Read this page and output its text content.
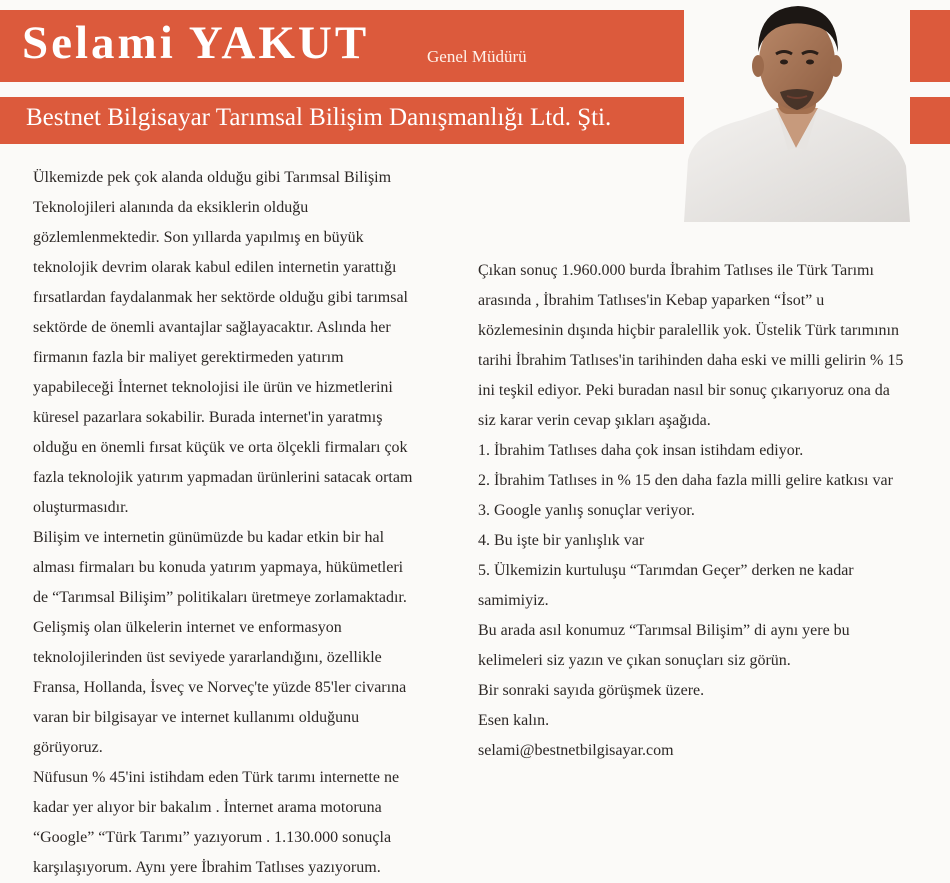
Selami YAKUT	Genel Müdürü
Bestnet Bilgisayar Tarımsal Bilişim Danışmanlığı Ltd. Şti.
Ülkemizde pek çok alanda olduğu gibi Tarımsal Bilişim
Teknolojileri alanında da eksiklerin olduğu
gözlemlenmektedir. Son yıllarda yapılmış en büyük
teknolojik devrim olarak kabul edilen internetin yarattığı
fırsatlardan faydalanmak her sektörde olduğu gibi tarımsal
sektörde de önemli avantajlar sağlayacaktır. Aslında her
firmanın fazla bir maliyet gerektirmeden yatırım
yapabileceği İnternet teknolojisi ile ürün ve hizmetlerini
küresel pazarlara sokabilir. Burada internet'in yaratmış
olduğu en önemli fırsat küçük ve orta ölçekli firmaları çok
fazla teknolojik yatırım yapmadan ürünlerini satacak ortam
oluşturmasıdır.
Bilişim ve internetin günümüzde bu kadar etkin bir hal
alması firmaları bu konuda yatırım yapmaya, hükümetleri
de “Tarımsal Bilişim” politikaları üretmeye zorlamaktadır.
Gelişmiş olan ülkelerin internet ve enformasyon
teknolojilerinden üst seviyede yararlandığını, özellikle
Fransa, Hollanda, İsveç ve Norveç'te yüzde 85'ler civarına
varan bir bilgisayar ve internet kullanımı olduğunu
görüyoruz.
Nüfusun % 45'ini istihdam eden Türk tarımı internette ne
kadar yer alıyor bir bakalım . İnternet arama motoruna
“Google” “Türk Tarımı” yazıyorum . 1.130.000 sonuçla
karşılaşıyorum. Aynı yere İbrahim Tatlıses yazıyorum.
Çıkan sonuç 1.960.000 burda İbrahim Tatlıses ile Türk Tarımı
arasında , İbrahim Tatlıses'in Kebap yaparken “İsot” u
közlemesinin dışında hiçbir paralellik yok. Üstelik Türk tarımının
tarihi İbrahim Tatlıses'in tarihinden daha eski ve milli gelirin % 15
ini teşkil ediyor. Peki buradan nasıl bir sonuç çıkarıyoruz ona da
siz karar verin cevap şıkları aşağıda.
1. İbrahim Tatlıses daha çok insan istihdam ediyor.
2. İbrahim Tatlıses in % 15 den daha fazla milli gelire katkısı var
3. Google yanlış sonuçlar veriyor.
4. Bu işte bir yanlışlık var
5. Ülkemizin kurtuluşu “Tarımdan Geçer” derken ne kadar
samimiyiz.
Bu arada asıl konumuz “Tarımsal Bilişim” di aynı yere bu
kelimeleri siz yazın ve çıkan sonuçları siz görün.
Bir sonraki sayıda görüşmek üzere.
Esen kalın.
selami@bestnetbilgisayar.com
